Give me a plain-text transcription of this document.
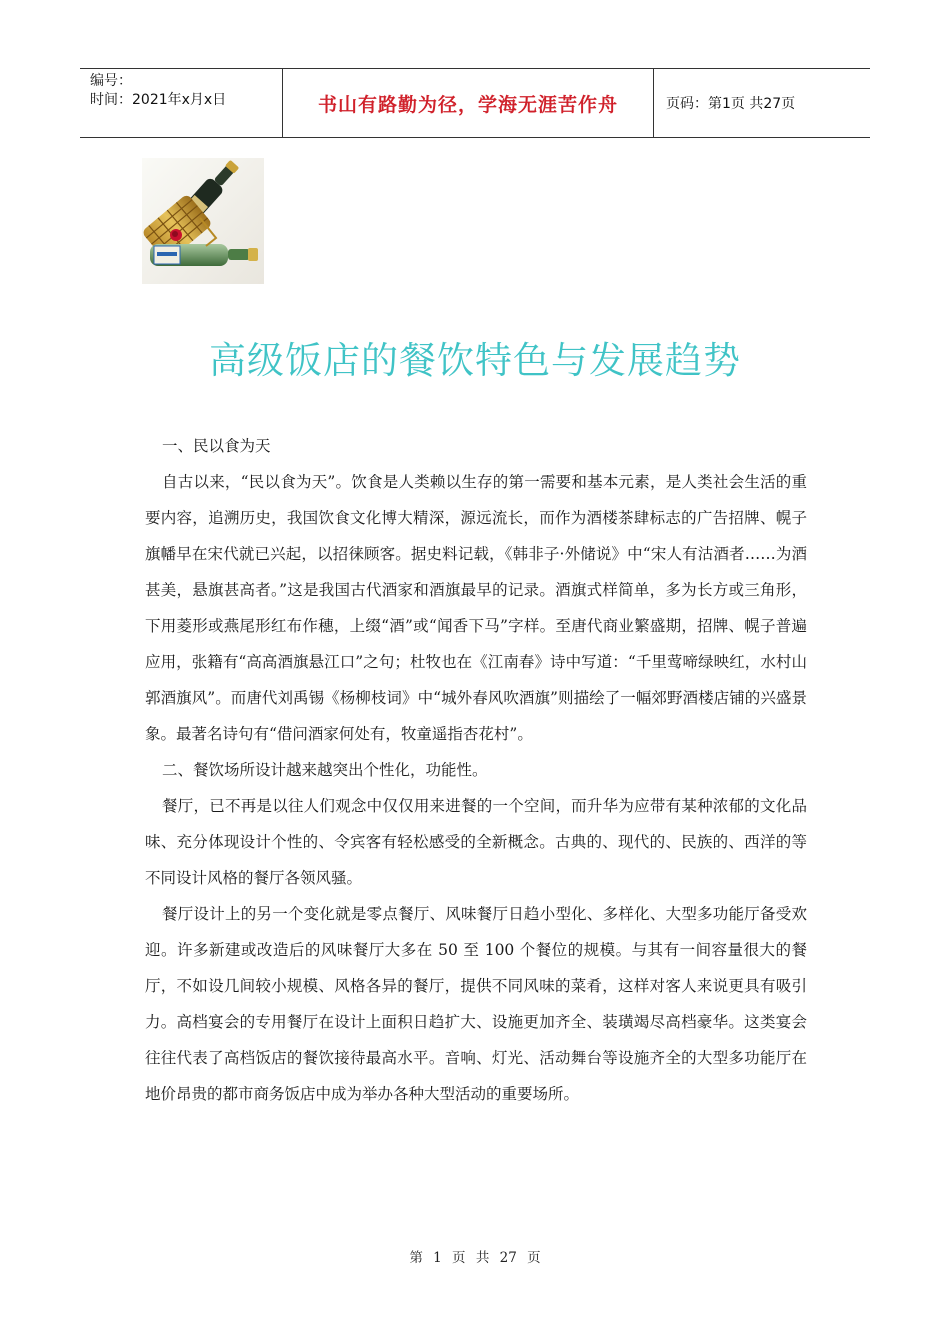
编号：
时间：2021年x月x日	书山有路勤为径，学海无涯苦作舟	页码：第1页 共27页
高级饭店的餐饮特色与发展趋势

一、民以食为天

自古以来，“民以食为天”。饮食是人类赖以生存的第一需要和基本元素，是人类社会生活的重要内容，追溯历史，我国饮食文化博大精深，源远流长，而作为酒楼茶肆标志的广告招牌、幌子旗幡早在宋代就已兴起，以招徕顾客。据史料记载，《韩非子·外储说》中“宋人有沽酒者……为酒甚美，悬旗甚高者。”这是我国古代酒家和酒旗最早的记录。酒旗式样简单，多为长方或三角形，下用菱形或燕尾形红布作穗，上缀“酒”或“闻香下马”字样。至唐代商业繁盛期，招牌、幌子普遍应用，张籍有“高高酒旗悬江口”之句；杜牧也在《江南春》诗中写道：“千里莺啼绿映红，水村山郭酒旗风”。而唐代刘禹锡《杨柳枝词》中“城外春风吹酒旗”则描绘了一幅郊野酒楼店铺的兴盛景象。最著名诗句有“借问酒家何处有，牧童遥指杏花村”。

二、餐饮场所设计越来越突出个性化，功能性。

餐厅，已不再是以往人们观念中仅仅用来进餐的一个空间，而升华为应带有某种浓郁的文化品味、充分体现设计个性的、令宾客有轻松感受的全新概念。古典的、现代的、民族的、西洋的等不同设计风格的餐厅各领风骚。

餐厅设计上的另一个变化就是零点餐厅、风味餐厅日趋小型化、多样化、大型多功能厅备受欢迎。许多新建或改造后的风味餐厅大多在 50 至 100 个餐位的规模。与其有一间容量很大的餐厅，不如设几间较小规模、风格各异的餐厅，提供不同风味的菜肴，这样对客人来说更具有吸引力。高档宴会的专用餐厅在设计上面积日趋扩大、设施更加齐全、装璜竭尽高档豪华。这类宴会往往代表了高档饭店的餐饮接待最高水平。音响、灯光、活动舞台等设施齐全的大型多功能厅在地价昂贵的都市商务饭店中成为举办各种大型活动的重要场所。

第 1 页 共 27 页
